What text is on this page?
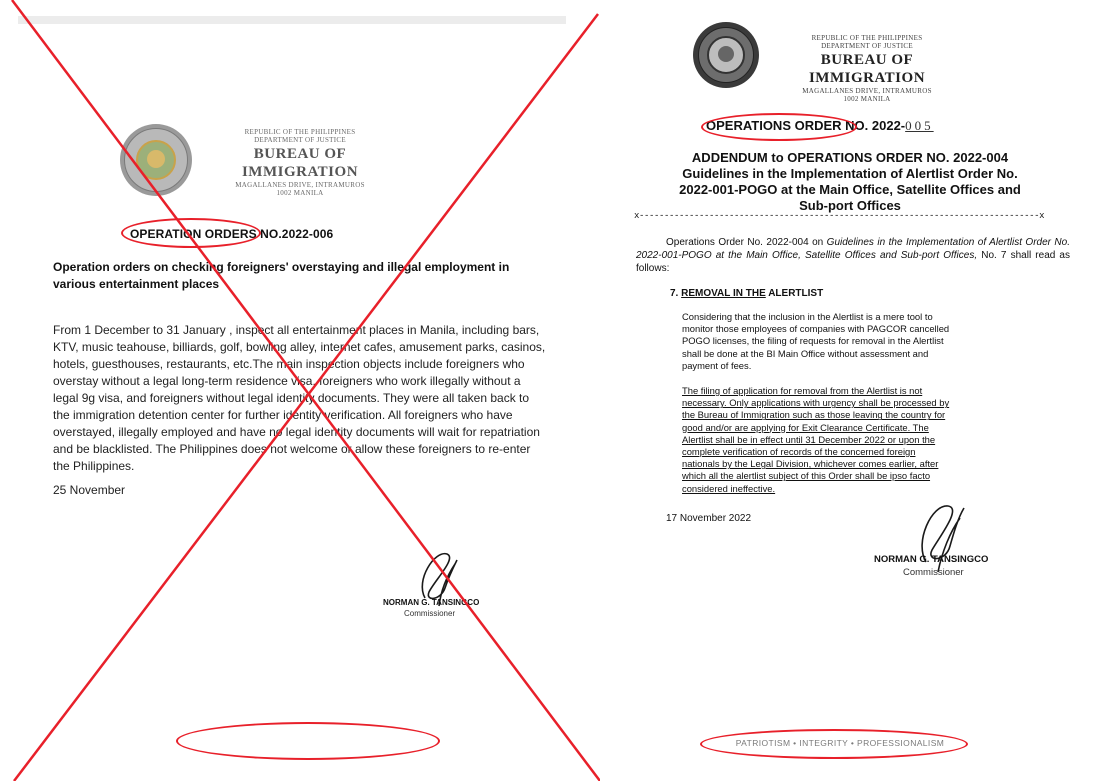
REPUBLIC OF THE PHILIPPINES
DEPARTMENT OF JUSTICE
BUREAU OF IMMIGRATION
MAGALLANES DRIVE, INTRAMUROS
1002 MANILA
OPERATION ORDERS NO.2022-006
Operation orders on checking foreigners' overstaying and illegal employment in various entertainment places
From 1 December to 31 January , inspect all entertainment places in Manila, including bars,
KTV, music teahouse, billiards, golf, bowling alley, internet cafes, amusement parks, casinos,
hotels, guesthouses, restaurants, etc.The main inspection objects include foreigners who
overstay without a legal long-term residence visa, foreigners who work illegally without a
legal 9g visa, and foreigners without legal identity documents. They were all taken back to
the immigration detention center for further identity verification. All foreigners who have
overstayed, illegally employed and have no legal identity documents will wait for repatriation
and be blacklisted. The Philippines does not welcome or allow these foreigners to re-enter
the Philippines.
25 November
NORMAN G. TANSINGCO
Commissioner
REPUBLIC OF THE PHILIPPINES
DEPARTMENT OF JUSTICE
BUREAU OF IMMIGRATION
MAGALLANES DRIVE, INTRAMUROS
1002 MANILA
OPERATIONS ORDER NO. 2022-005
ADDENDUM to OPERATIONS ORDER NO. 2022-004
Guidelines in the Implementation of Alertlist Order No.
2022-001-POGO at the Main Office, Satellite Offices and
Sub-port Offices
x--------------------------------------------------------------------------------x
Operations Order No. 2022-004 on Guidelines in the Implementation of Alertlist Order No. 2022-001-POGO at the Main Office, Satellite Offices and Sub-port Offices, No. 7 shall read as follows:
7. REMOVAL IN THE ALERTLIST
Considering that the inclusion in the Alertlist is a mere tool to
monitor those employees of companies with PAGCOR cancelled
POGO licenses, the filing of requests for removal in the Alertlist
shall be done at the BI Main Office without assessment and
payment of fees.
The filing of application for removal from the Alertlist is not
necessary. Only applications with urgency shall be processed by
the Bureau of Immigration such as those leaving the country for
good and/or are applying for Exit Clearance Certificate. The
Alertlist shall be in effect until 31 December 2022 or upon the
complete verification of records of the concerned foreign
nationals by the Legal Division, whichever comes earlier, after
which all the alertlist subject of this Order shall be ipso facto
considered ineffective.
17 November 2022
NORMAN G. TANSINGCO
Commissioner
PATRIOTISM • INTEGRITY • PROFESSIONALISM
